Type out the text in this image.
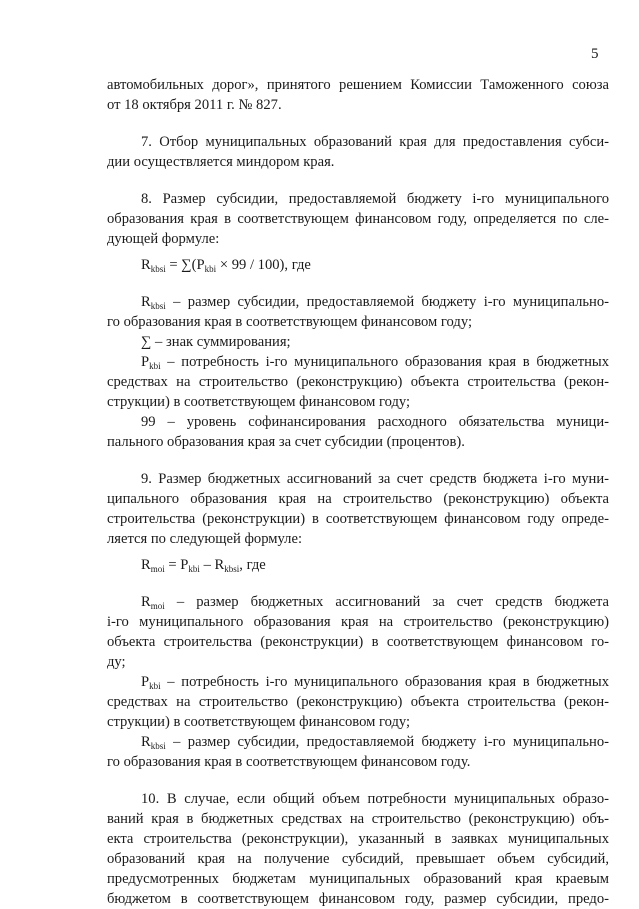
5
автомобильных дорог», принятого решением Комиссии Таможенного союза
от 18 октября 2011 г. № 827.
7. Отбор муниципальных образований края для предоставления субси-
дии осуществляется миндором края.
8. Размер субсидии, предоставляемой бюджету i-го муниципального
образования края в соответствующем финансовом году, определяется по сле-
дующей формуле:
$R_{kbsi} = \sum(P_{kbi} \times 99 / 100)$, где
$R_{kbsi}$ – размер субсидии, предоставляемой бюджету i-го муниципально-
го образования края в соответствующем финансовом году;
∑ – знак суммирования;
$P_{kbi}$ – потребность i-го муниципального образования края в бюджетных
средствах на строительство (реконструкцию) объекта строительства (рекон-
струкции) в соответствующем финансовом году;
99 – уровень софинансирования расходного обязательства муници-
пального образования края за счет субсидии (процентов).
9. Размер бюджетных ассигнований за счет средств бюджета i-го муни-
ципального образования края на строительство (реконструкцию) объекта
строительства (реконструкции) в соответствующем финансовом году опреде-
ляется по следующей формуле:
$R_{moi} = P_{kbi} - R_{kbsi}$, где
$R_{moi}$ – размер бюджетных ассигнований за счет средств бюджета
i-го муниципального образования края на строительство (реконструкцию)
объекта строительства (реконструкции) в соответствующем финансовом го-
ду;
$P_{kbi}$ – потребность i-го муниципального образования края в бюджетных
средствах на строительство (реконструкцию) объекта строительства (рекон-
струкции) в соответствующем финансовом году;
$R_{kbsi}$ – размер субсидии, предоставляемой бюджету i-го муниципально-
го образования края в соответствующем финансовом году.
10. В случае, если общий объем потребности муниципальных образо-
ваний края в бюджетных средствах на строительство (реконструкцию) объ-
екта строительства (реконструкции), указанный в заявках муниципальных
образований края на получение субсидий, превышает объем субсидий,
предусмотренных бюджетам муниципальных образований края краевым
бюджетом в соответствующем финансовом году, размер субсидии, предо-
